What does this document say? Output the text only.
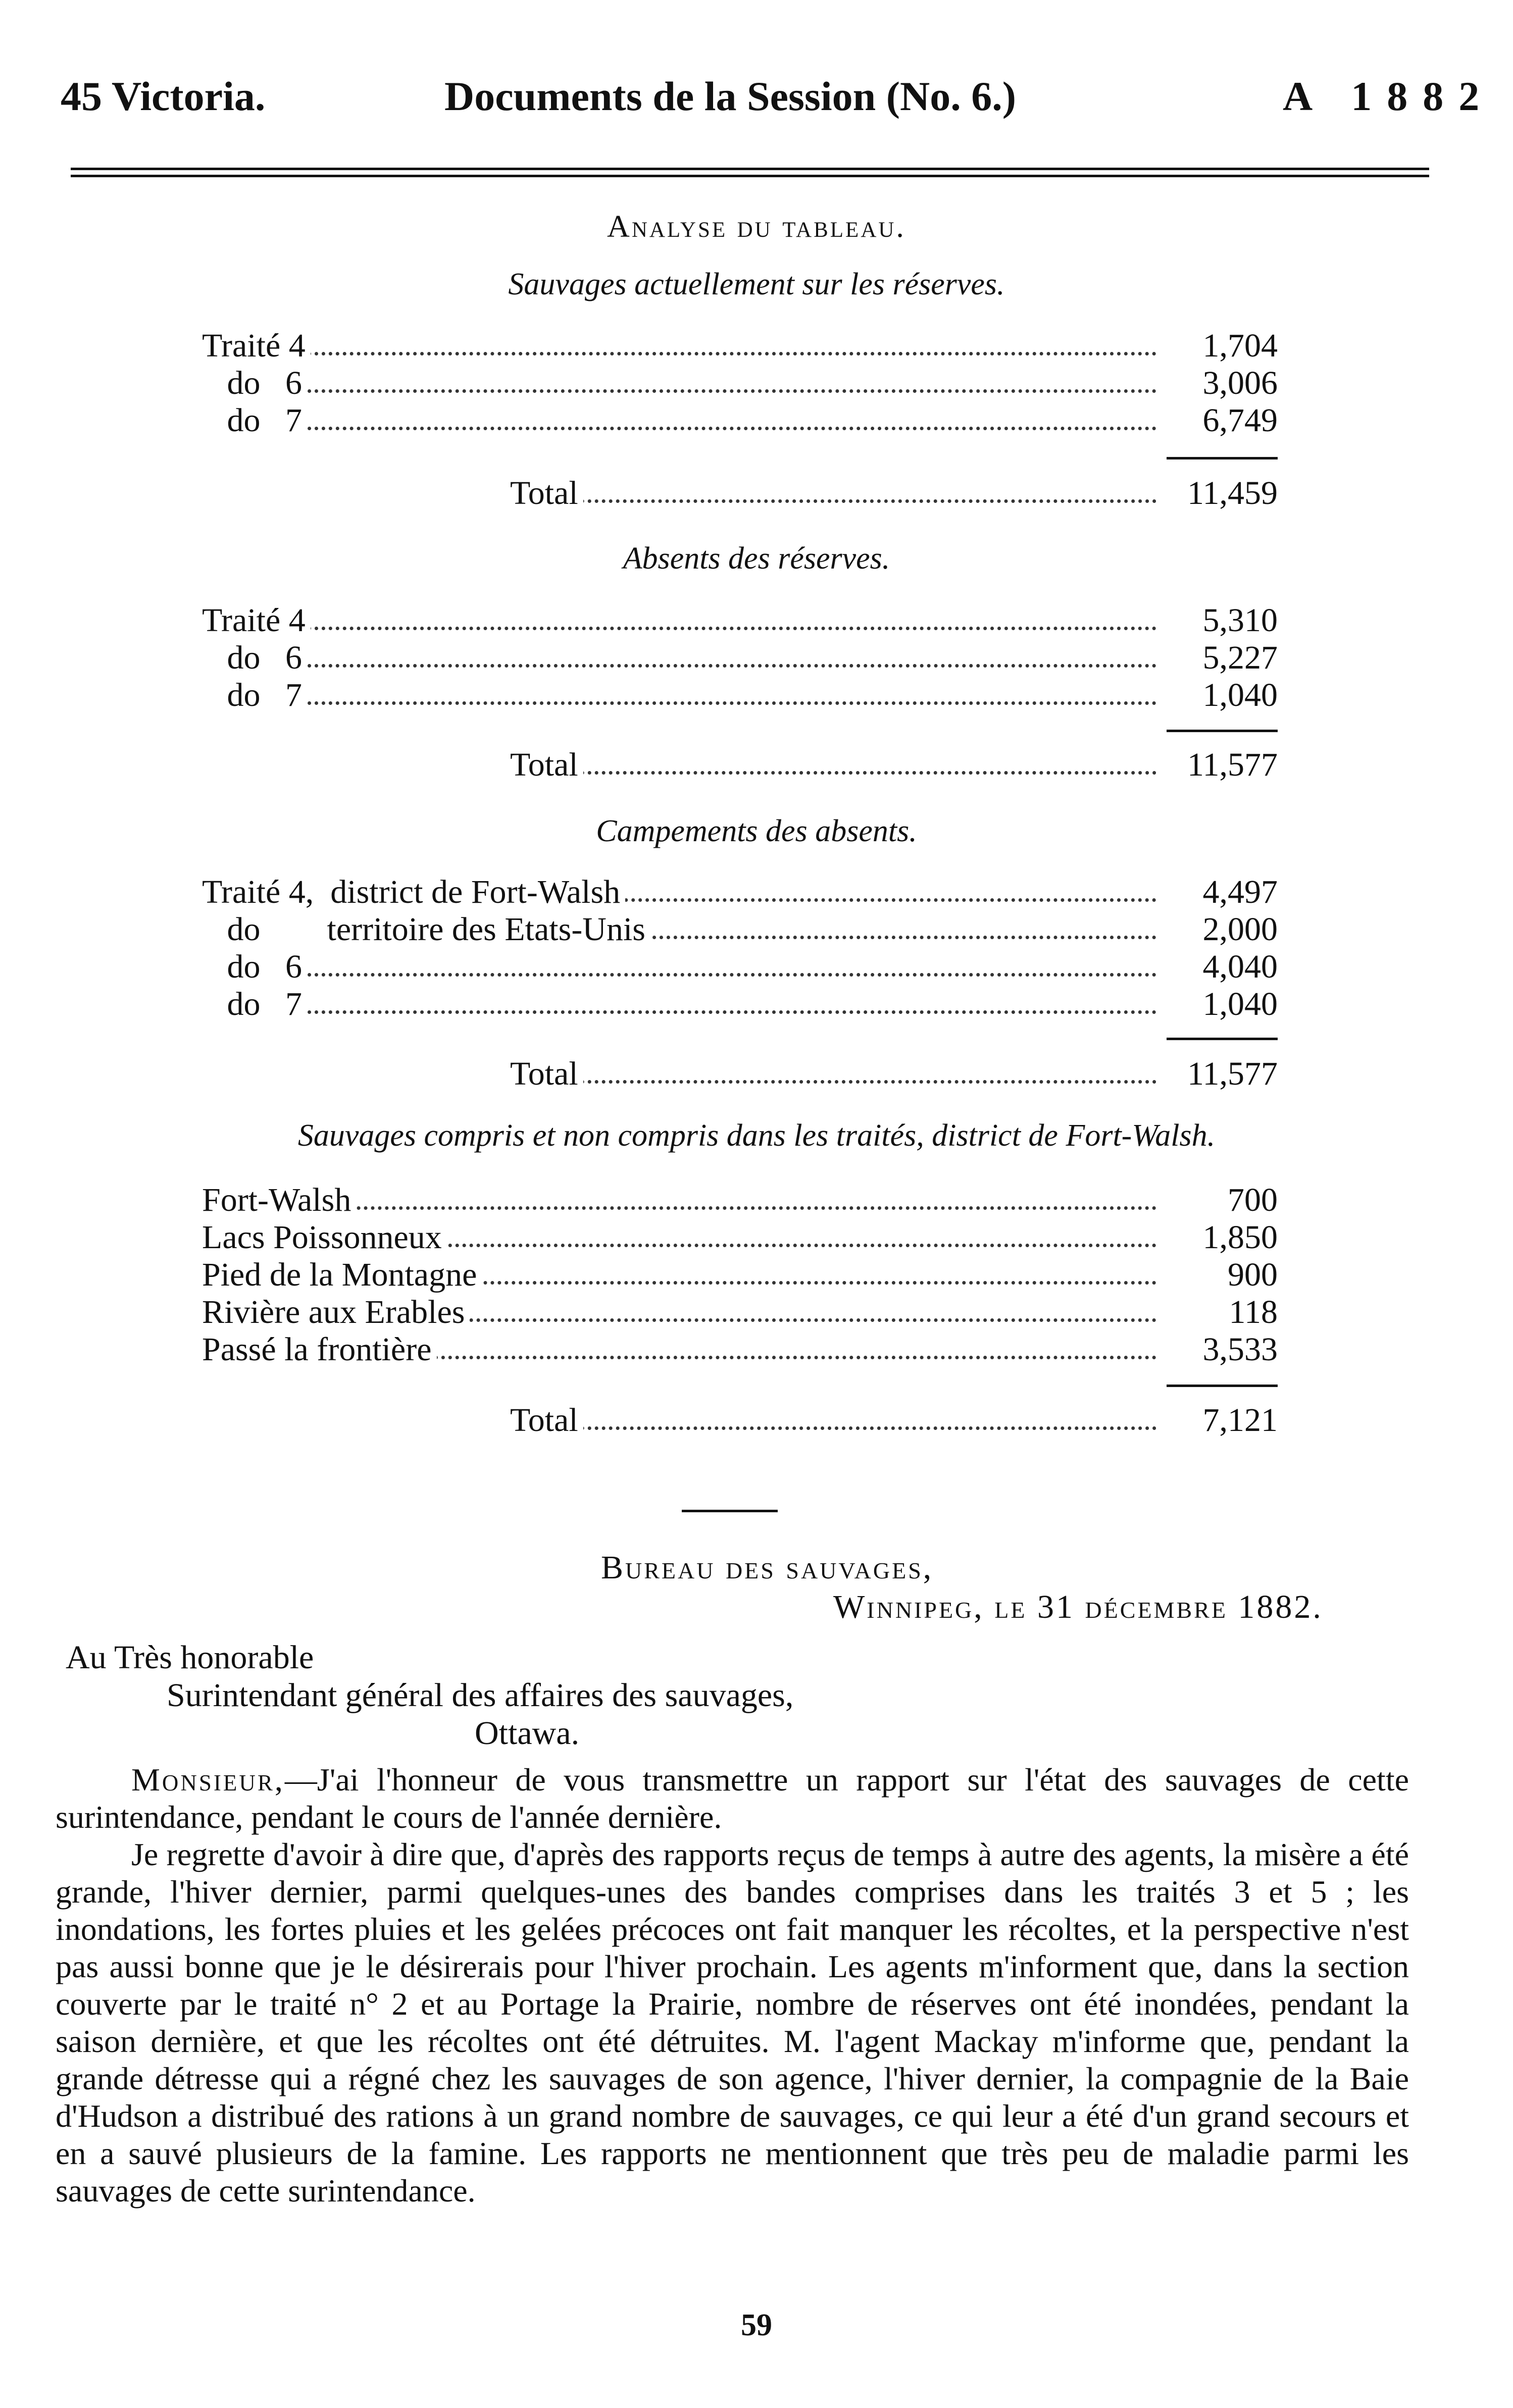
45 Victoria.	Documents de la Session (No. 6.)	A 1882
Analyse du tableau.
Sauvages actuellement sur les réserves.
Traité 4	1,704
do   6	3,006
do   7	6,749
Total	11,459
Absents des réserves.
Traité 4	5,310
do   6	5,227
do   7	1,040
Total	11,577
Campements des absents.
Traité 4,  district de Fort-Walsh	4,497
do        territoire des Etats-Unis	2,000
do   6	4,040
do   7	1,040
Total	11,577
Sauvages compris et non compris dans les traités, district de Fort-Walsh.
Fort-Walsh	700
Lacs Poissonneux	1,850
Pied de la Montagne	900
Rivière aux Erables	118
Passé la frontière	3,533
Total	7,121
Bureau des sauvages,
Winnipeg, le 31 décembre 1882.
Au Très honorable
Surintendant général des affaires des sauvages,
Ottawa.
Monsieur,—J'ai l'honneur de vous transmettre un rapport sur l'état des sauvages de cette surintendance, pendant le cours de l'année dernière.
Je regrette d'avoir à dire que, d'après des rapports reçus de temps à autre des agents, la misère a été grande, l'hiver dernier, parmi quelques-unes des bandes comprises dans les traités 3 et 5 ; les inondations, les fortes pluies et les gelées précoces ont fait manquer les récoltes, et la perspective n'est pas aussi bonne que je le désirerais pour l'hiver prochain. Les agents m'informent que, dans la section couverte par le traité n° 2 et au Portage la Prairie, nombre de réserves ont été inondées, pendant la saison dernière, et que les récoltes ont été détruites. M. l'agent Mackay m'informe que, pendant la grande détresse qui a régné chez les sauvages de son agence, l'hiver dernier, la compagnie de la Baie d'Hudson a distribué des rations à un grand nombre de sauvages, ce qui leur a été d'un grand secours et en a sauvé plusieurs de la famine. Les rapports ne mentionnent que très peu de maladie parmi les sauvages de cette surintendance.
59
